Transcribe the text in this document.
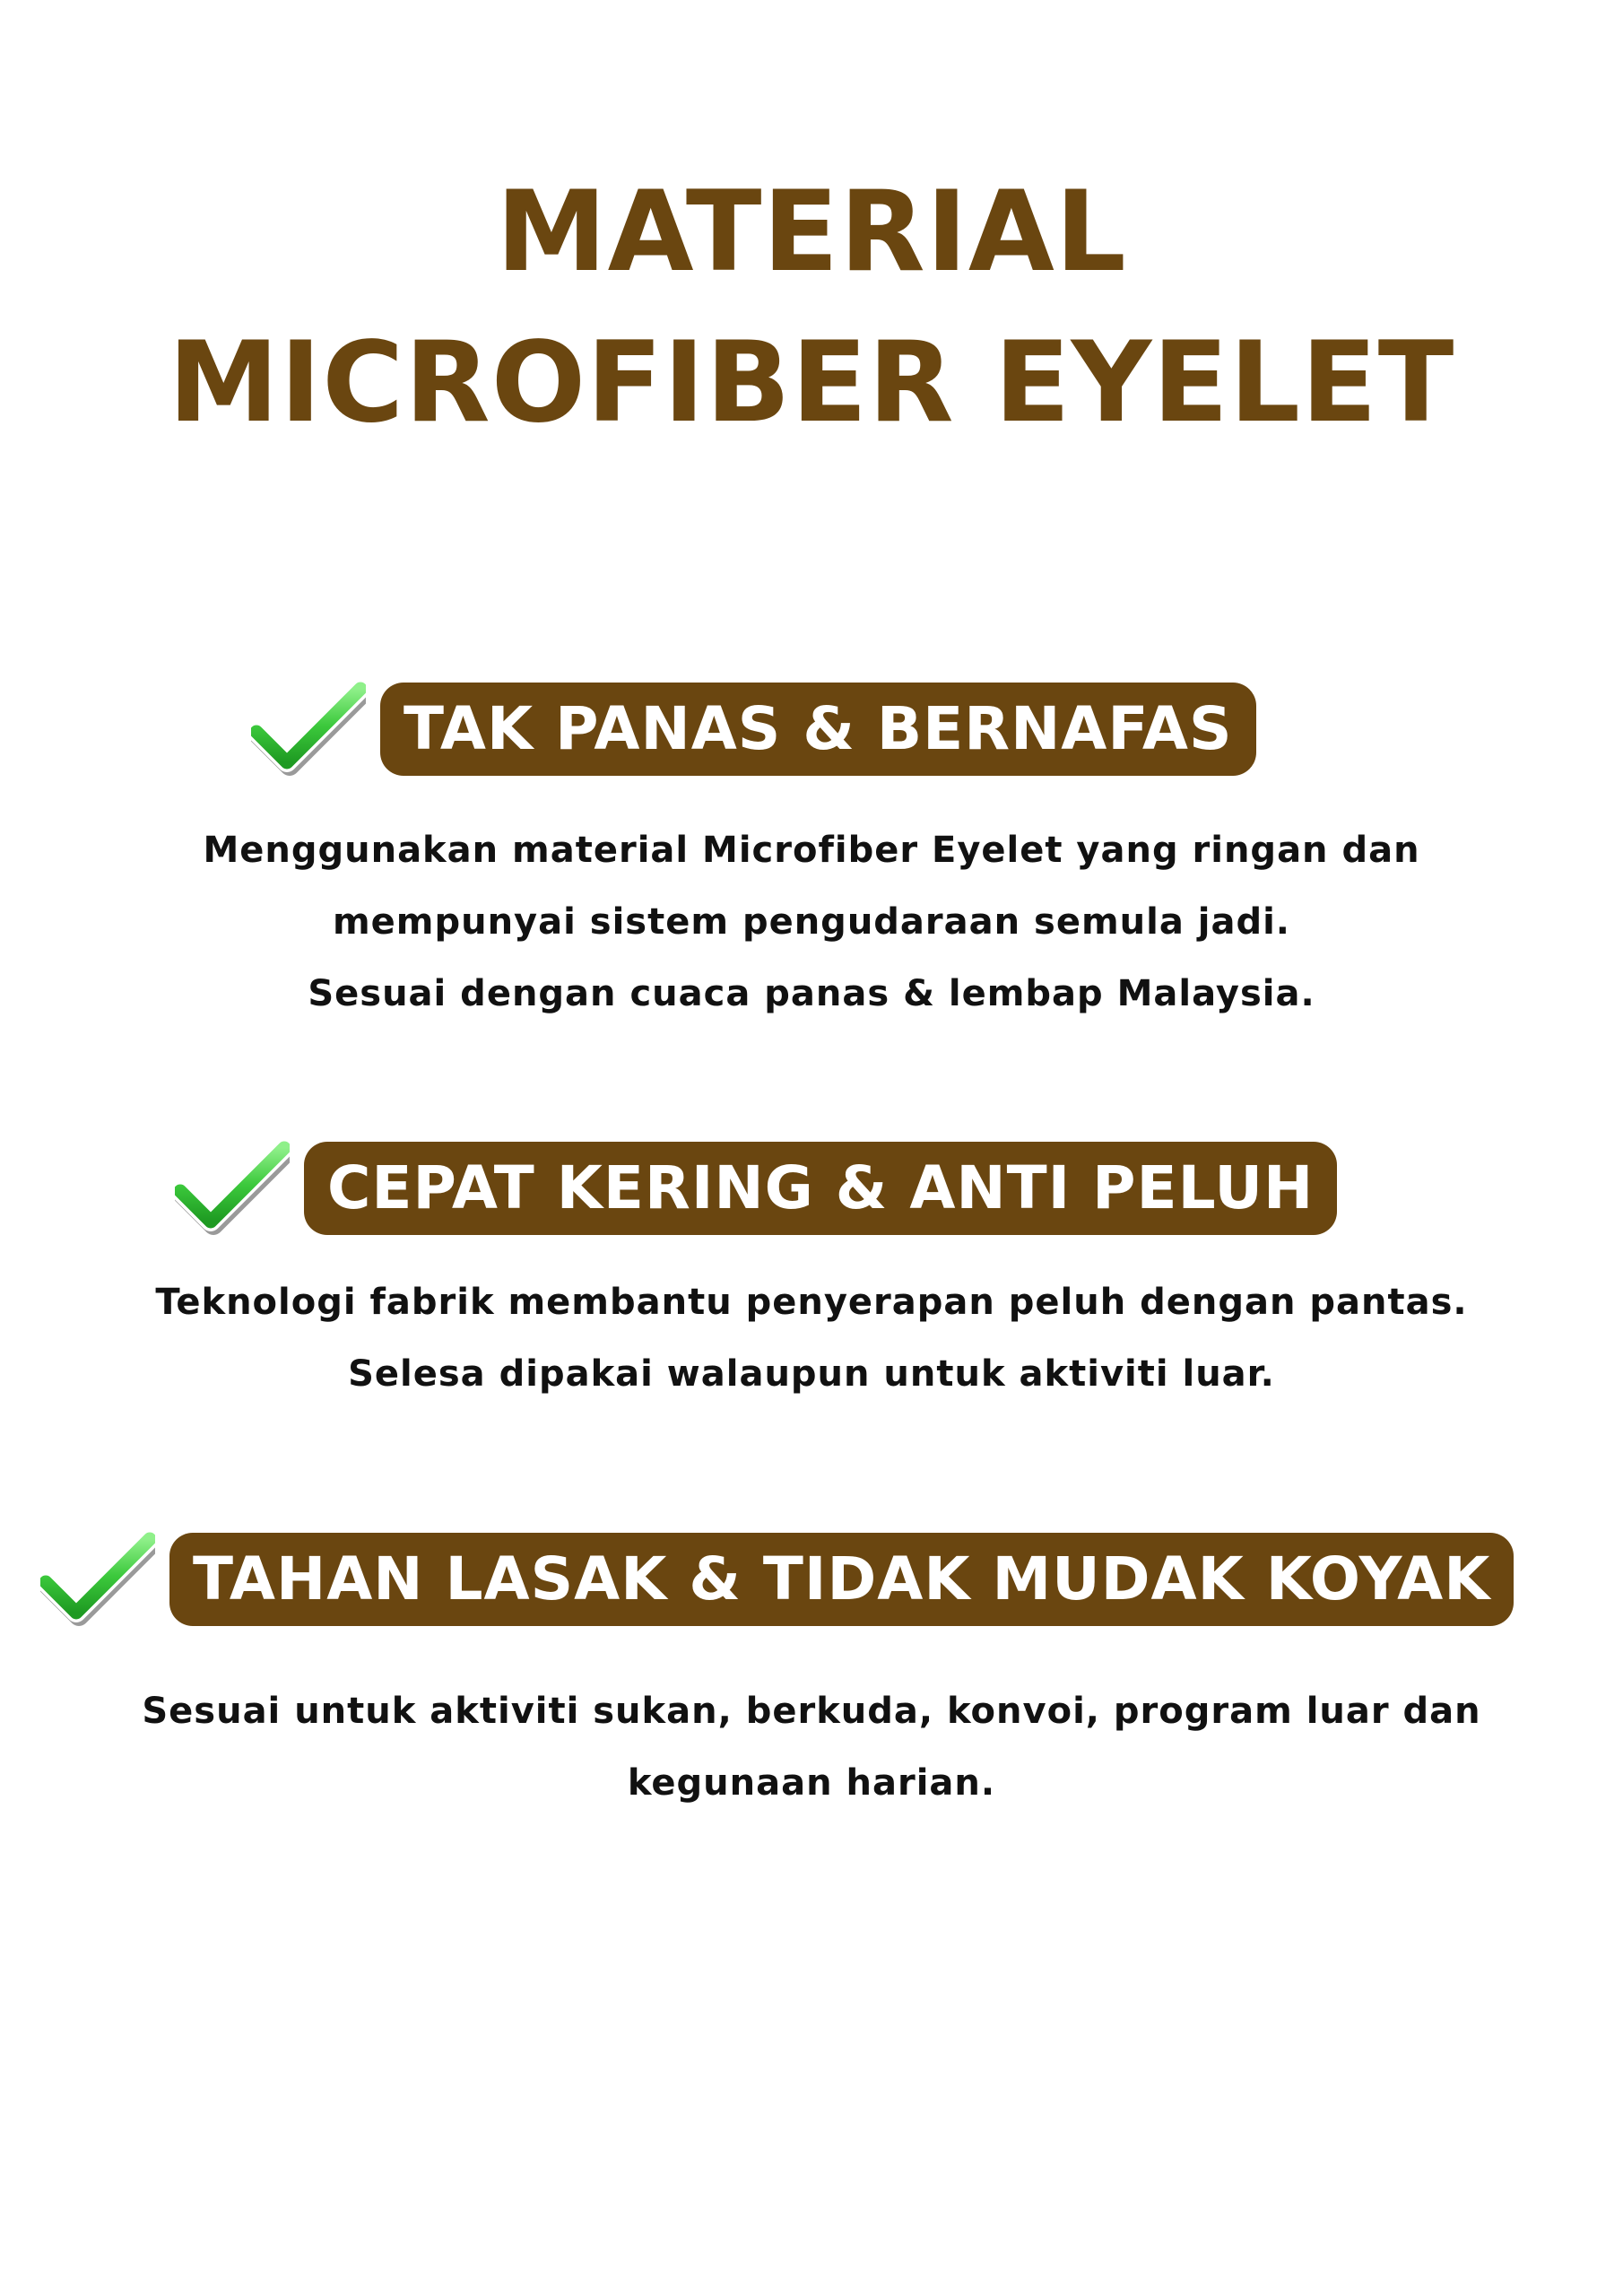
MATERIAL
MICROFIBER EYELET
TAK PANAS & BERNAFAS
Menggunakan material Microfiber Eyelet yang ringan dan
mempunyai sistem pengudaraan semula jadi.
Sesuai dengan cuaca panas & lembap Malaysia.
CEPAT KERING & ANTI PELUH
Teknologi fabrik membantu penyerapan peluh dengan pantas.
Selesa dipakai walaupun untuk aktiviti luar.
TAHAN LASAK & TIDAK MUDAK KOYAK
Sesuai untuk aktiviti sukan, berkuda, konvoi, program luar dan
kegunaan harian.
